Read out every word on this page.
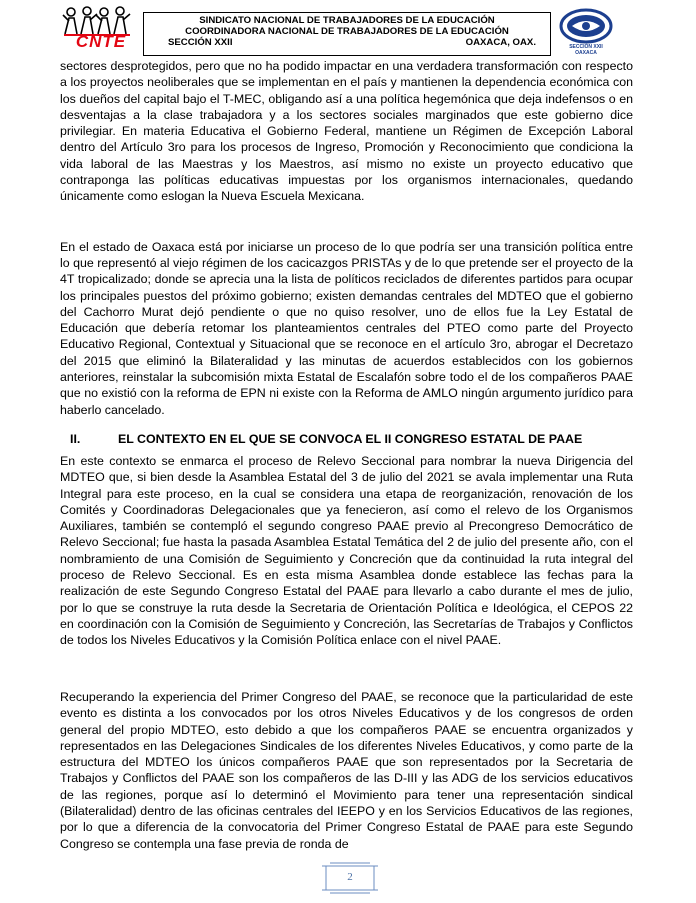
CNTE
SINDICATO NACIONAL DE TRABAJADORES DE LA EDUCACIÓN
COORDINADORA NACIONAL DE TRABAJADORES DE LA EDUCACIÓN
SECCIÓN XXII	OAXACA, OAX.	SECCIÓN XXII OAXACA

sectores desprotegidos, pero que no ha podido impactar en una verdadera transformación con respecto a los proyectos neoliberales que se implementan en el país y mantienen la dependencia económica con los dueños del capital bajo el T-MEC, obligando así a una política hegemónica que deja indefensos o en desventajas a la clase trabajadora y a los sectores sociales marginados que este gobierno dice privilegiar. En materia Educativa el Gobierno Federal, mantiene un Régimen de Excepción Laboral dentro del Artículo 3ro para los procesos de Ingreso, Promoción y Reconocimiento que condiciona la vida laboral de las Maestras y los Maestros, así mismo no existe un proyecto educativo que contraponga las políticas educativas impuestas por los organismos internacionales, quedando únicamente como eslogan la Nueva Escuela Mexicana.

En el estado de Oaxaca está por iniciarse un proceso de lo que podría ser una transición política entre lo que representó al viejo régimen de los cacicazgos PRISTAs y de lo que pretende ser el proyecto de la 4T tropicalizado; donde se aprecia una la lista de políticos reciclados de diferentes partidos para ocupar los principales puestos del próximo gobierno; existen demandas centrales del MDTEO que el gobierno del Cachorro Murat dejó pendiente o que no quiso resolver, uno de ellos fue la Ley Estatal de Educación que debería retomar los planteamientos centrales del PTEO como parte del Proyecto Educativo Regional, Contextual y Situacional que se reconoce en el artículo 3ro, abrogar el Decretazo del 2015 que eliminó la Bilateralidad y las minutas de acuerdos establecidos con los gobiernos anteriores, reinstalar la subcomisión mixta Estatal de Escalafón sobre todo el de los compañeros PAAE que no existió con la reforma de EPN ni existe con la Reforma de AMLO ningún argumento jurídico para haberlo cancelado.

II.	EL CONTEXTO EN EL QUE SE CONVOCA EL II CONGRESO ESTATAL DE PAAE

En este contexto se enmarca el proceso de Relevo Seccional para nombrar la nueva Dirigencia del MDTEO que, si bien desde la Asamblea Estatal del 3 de julio del 2021 se avala implementar una Ruta Integral para este proceso, en la cual se considera una etapa de reorganización, renovación de los Comités y Coordinadoras Delegacionales que ya fenecieron, así como el relevo de los Organismos Auxiliares, también se contempló el segundo congreso PAAE previo al Precongreso Democrático de Relevo Seccional; fue hasta la pasada Asamblea Estatal Temática del 2 de julio del presente año, con el nombramiento de una Comisión de Seguimiento y Concreción que da continuidad la ruta integral del proceso de Relevo Seccional. Es en esta misma Asamblea donde establece las fechas para la realización de este Segundo Congreso Estatal del PAAE para llevarlo a cabo durante el mes de julio, por lo que se construye la ruta desde la Secretaria de Orientación Política e Ideológica, el CEPOS 22 en coordinación con la Comisión de Seguimiento y Concreción, las Secretarías de Trabajos y Conflictos de todos los Niveles Educativos y la Comisión Política enlace con el nivel PAAE.

Recuperando la experiencia del Primer Congreso del PAAE, se reconoce que la particularidad de este evento es distinta a los convocados por los otros Niveles Educativos y de los congresos de orden general del propio MDTEO, esto debido a que los compañeros PAAE se encuentra organizados y representados en las Delegaciones Sindicales de los diferentes Niveles Educativos, y como parte de la estructura del MDTEO los únicos compañeros PAAE que son representados por la Secretaria de Trabajos y Conflictos del PAAE son los compañeros de las D-III y las ADG de los servicios educativos de las regiones, porque así lo determinó el Movimiento para tener una representación sindical (Bilateralidad) dentro de las oficinas centrales del IEEPO y en los Servicios Educativos de las regiones, por lo que a diferencia de la convocatoria del Primer Congreso Estatal de PAAE para este Segundo Congreso se contempla una fase previa de ronda de

2
